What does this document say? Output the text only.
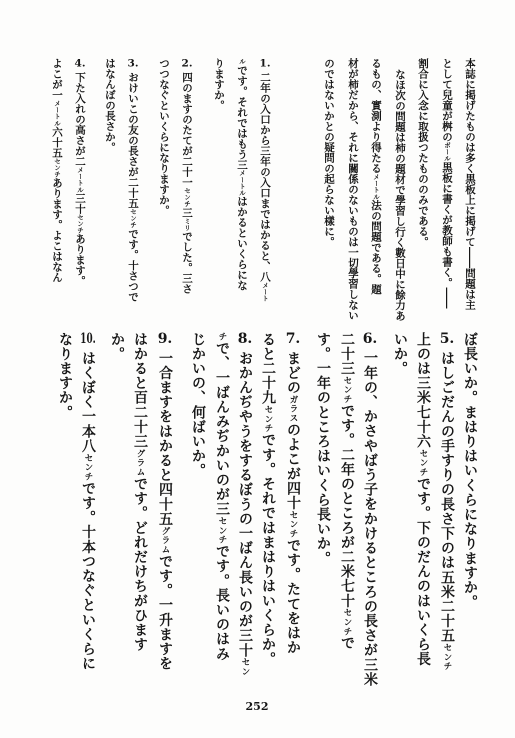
本誌に掲げたものは多く黒板上に掲げて――問題は主
として兒童が桝のボール黒板に書くが教師も書く。――
割合に入念に取扱つたもののみである。
なほ次の問題は柿の題材で學習し行く數日中に餘力あ
るもの、實測より得たるメートル法の問題である。題
材が柿だから、それに關係のないものは一切學習しない
のではないかとの疑問の起らない樣に。
1.二年の入口から三年の入口まではかると、八メート
ルです。それではもう三メートルはかるといくらにな
りますか。
2.四のますのたてが二十一センチ三ミリでした。三さ
つつなぐといくらになりますか。
3.おけいこの友の長さが二十五センチです。十さつで
はなんぼの長さか。
4.下た入れの高さが二メートル三十センチあります。
よこが一メートル六十五センチあります。よこはなん
ぼ長いか。まはりはいくらになりますか。
5.はしごだんの手すりの長さ下のは五米二十五センチ
上のは三米七十六センチです。下のだんのはいくら長
いか。
6.一年の、かさやばう子をかけるところの長さが三米
二十三センチです。二年のところが二米七十センチで
す。一年のところはいくら長いか。
7.まどのガラスのよこが四十センチです。たてをはか
ると二十九センチです。それではまはりはいくらか。
8.おかんぢやうをするぼうの一ばん長いのが三十セン
チで、一ばんみぢかいのが三センチです。長いのはみ
じかいの、何ばいか。
9.一合ますをはかると四十五グラムです。一升ますを
はかると百二十三グラムです。どれだけちがひます
か。
10.はくぼく一本八センチです。十本つなぐといくらに
なりますか。
252
